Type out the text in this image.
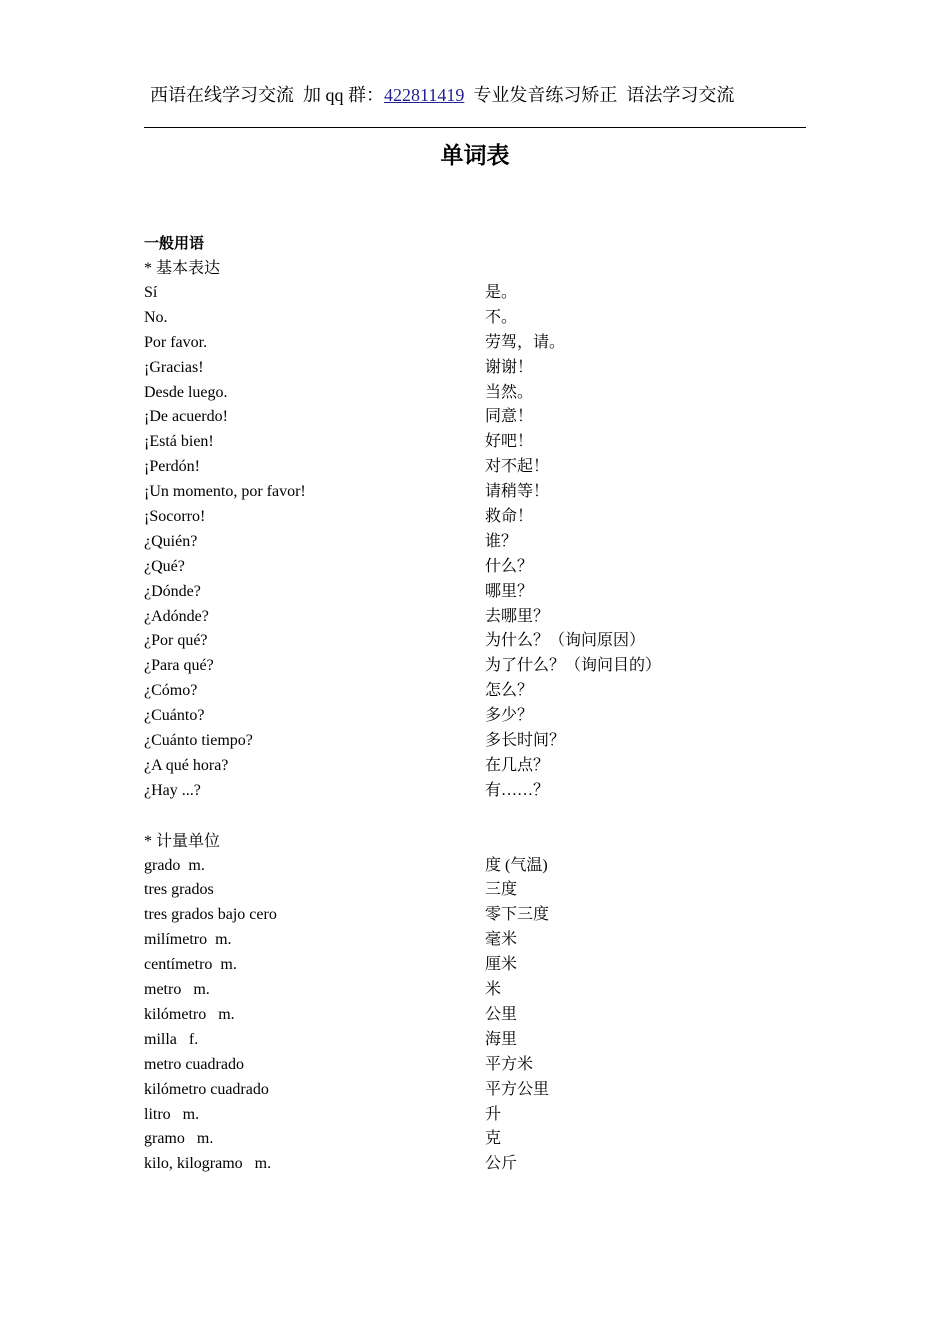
西语在线学习交流  加 qq 群：422811419  专业发音练习矫正  语法学习交流
单词表
一般用语
* 基本表达
Sí	是。
No.	不。
Por favor.	劳驾，请。
¡Gracias!	谢谢！
Desde luego.	当然。
¡De acuerdo!	同意！
¡Está bien!	好吧！
¡Perdón!	对不起！
¡Un momento, por favor!	请稍等！
¡Socorro!	救命！
¿Quién?	谁？
¿Qué?	什么？
¿Dónde?	哪里？
¿Adónde?	去哪里？
¿Por qué?	为什么？（询问原因）
¿Para qué?	为了什么？（询问目的）
¿Cómo?	怎么？
¿Cuánto?	多少？
¿Cuánto tiempo?	多长时间？
¿A qué hora?	在几点？
¿Hay ...?	有……？
* 计量单位
grado  m.	度 (气温)
tres grados	三度
tres grados bajo cero	零下三度
milímetro  m.	毫米
centímetro  m.	厘米
metro   m.	米
kilómetro   m.	公里
milla   f.	海里
metro cuadrado	平方米
kilómetro cuadrado	平方公里
litro   m.	升
gramo   m.	克
kilo, kilogramo   m.	公斤
